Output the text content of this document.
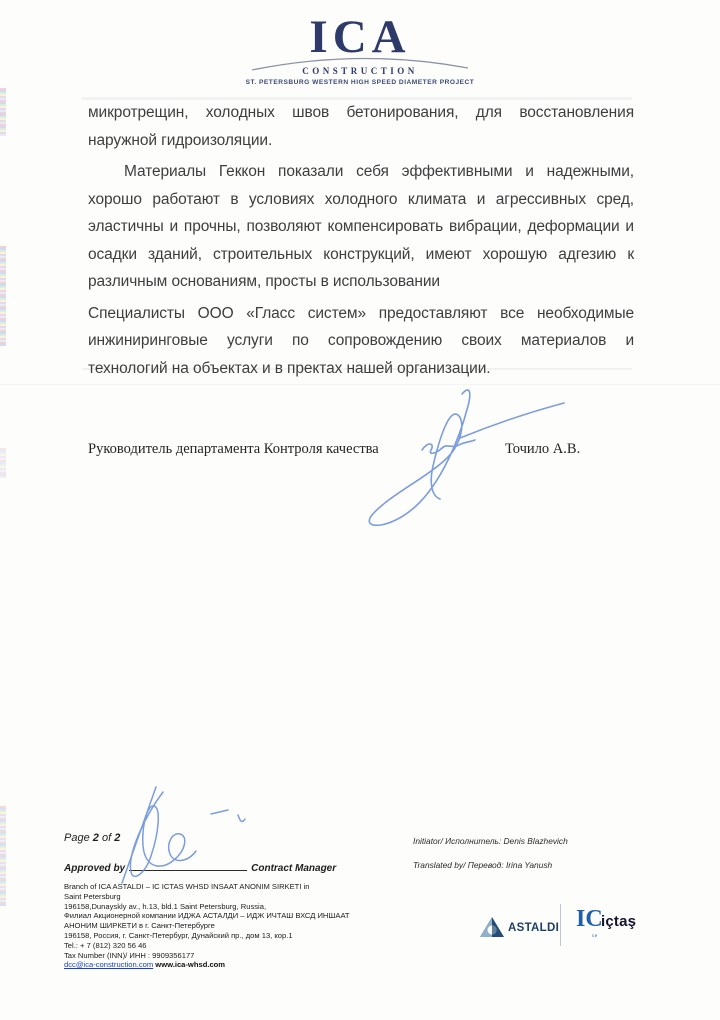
ICA
CONSTRUCTION
ST. PETERSBURG WESTERN HIGH SPEED DIAMETER PROJECT
микротрещин, холодных швов бетонирования, для восстановления
наружной гидроизоляции.
Материалы Геккон показали себя эффективными и надежными,
хорошо работают в условиях холодного климата и агрессивных сред,
эластичны и прочны, позволяют компенсировать вибрации, деформации и
осадки зданий, строительных конструкций, имеют хорошую адгезию к
различным основаниям, просты в использовании
Специалисты ООО «Гласс систем» предоставляют все необходимые
инжиниринговые услуги по сопровождению своих материалов и
технологий на объектах и в пректах нашей организации.
Руководитель департамента Контроля качества	Точило А.В.
Page 2 of 2
Approved by	Contract Manager
Branch of ICA ASTALDI – IC ICTAS WHSD INSAAT ANONIM SIRKETI in
Saint Petersburg
196158,Dunayskly av., h.13, bld.1 Saint Petersburg, Russia,
Филиал Акционерной компании ИДЖА АСТАЛДИ – ИДЖ ИЧТАШ ВХСД ИНШААТ
АНОНИМ ШИРКЕТИ в г. Санкт-Петербурге
196158, Россия, г. Санкт-Петербург, Дунайский пр., дом 13, кор.1
Tel.: + 7 (812) 320 56 46
Tax Number (INN)/ ИНН : 9909356177
dcc@ica-construction.com www.ica-whsd.com
Initiator/ Исполнитель: Denis Blazhevich
Translated by/ Перевод: Irina Yanush
ASTALDI IC
ce
içtaş
